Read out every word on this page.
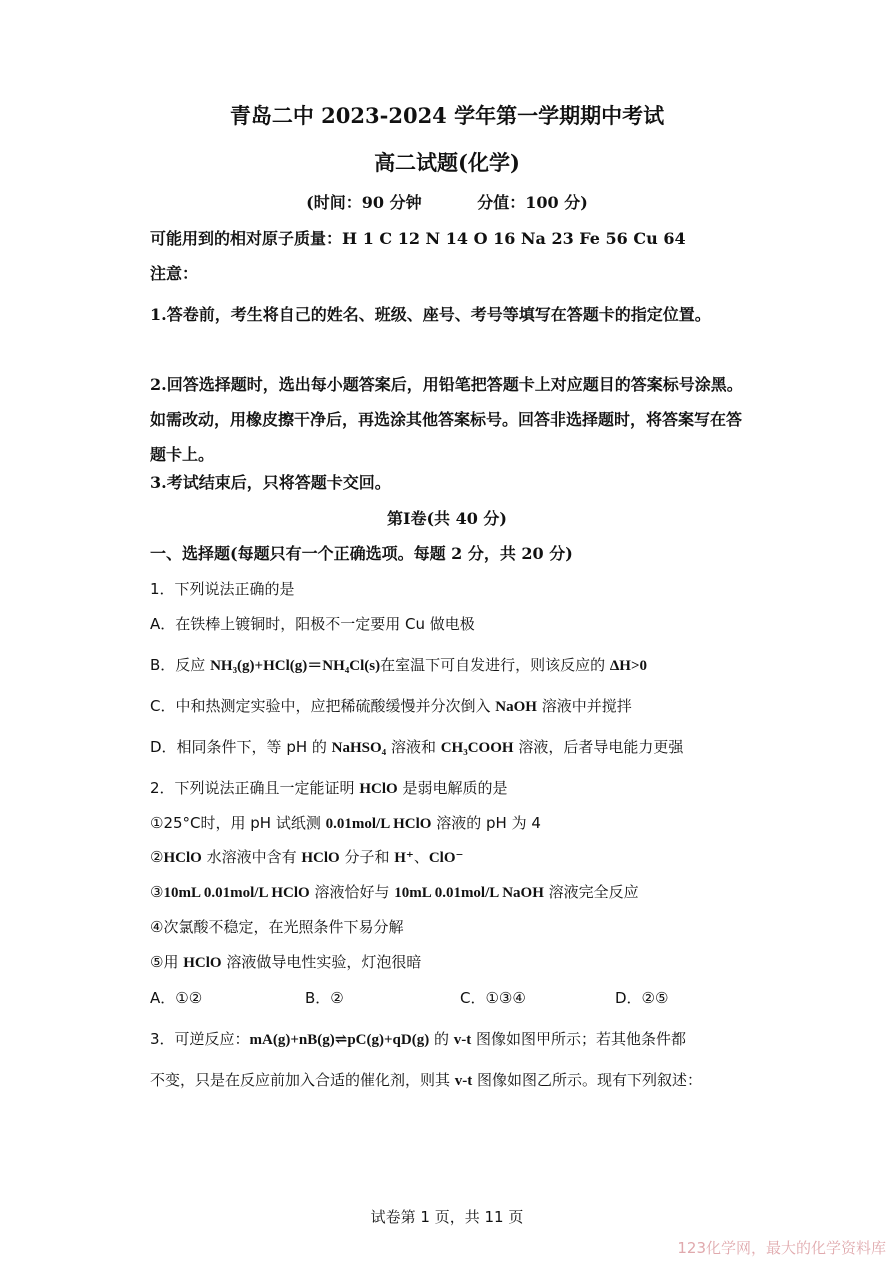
青岛二中 2023-2024 学年第一学期期中考试
高二试题(化学)
(时间：90 分钟          分值：100 分)
可能用到的相对原子质量：H 1 C 12 N 14 O 16 Na 23 Fe 56 Cu 64
注意：
1.答卷前，考生将自己的姓名、班级、座号、考号等填写在答题卡的指定位置。
2.回答选择题时，选出每小题答案后，用铅笔把答题卡上对应题目的答案标号涂黑。如需改动，用橡皮擦干净后，再选涂其他答案标号。回答非选择题时，将答案写在答题卡上。
3.考试结束后，只将答题卡交回。
第Ⅰ卷(共 40 分)
一、选择题(每题只有一个正确选项。每题 2 分，共 20 分)
1．下列说法正确的是
A．在铁棒上镀铜时，阳极不一定要用 Cu 做电极
B．反应 NH₃(g)+HCl(g)＝NH₄Cl(s)在室温下可自发进行，则该反应的 ΔH>0
C．中和热测定实验中，应把稀硫酸缓慢并分次倒入 NaOH 溶液中并搅拌
D．相同条件下，等 pH 的 NaHSO₄ 溶液和 CH₃COOH 溶液，后者导电能力更强
2．下列说法正确且一定能证明 HClO 是弱电解质的是
①25°C时，用 pH 试纸测 0.01mol/L HClO 溶液的 pH 为 4
②HClO 水溶液中含有 HClO 分子和 H⁺、ClO⁻
③10mL 0.01mol/L HClO 溶液恰好与 10mL 0.01mol/L NaOH 溶液完全反应
④次氯酸不稳定，在光照条件下易分解
⑤用 HClO 溶液做导电性实验，灯泡很暗
A．①②	B．②	C．①③④	D．②⑤
3．可逆反应：mA(g)+nB(g)⇌pC(g)+qD(g) 的 v-t 图像如图甲所示；若其他条件都
不变，只是在反应前加入合适的催化剂，则其 v-t 图像如图乙所示。现有下列叙述：
试卷第 1 页，共 11 页
123化学网，最大的化学资料库
